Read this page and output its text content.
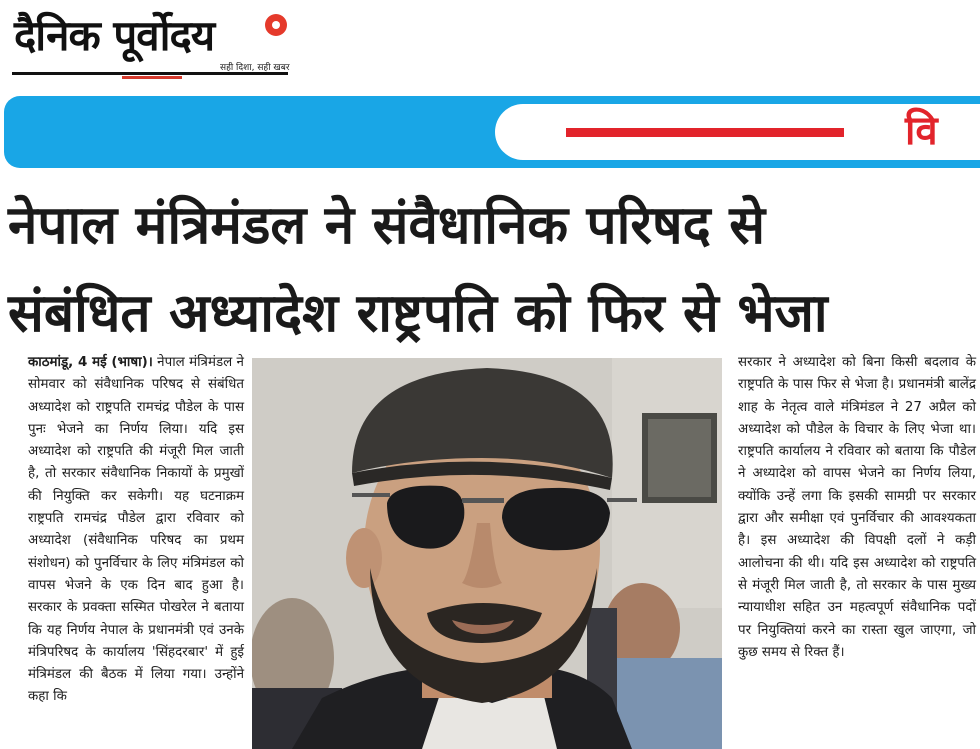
दैनिक पूर्वोदय
सही दिशा, सही खबर
वि
नेपाल मंत्रिमंडल ने संवैधानिक परिषद से
संबंधित अध्यादेश राष्ट्रपति को फिर से भेजा
काठमांडू, 4 मई (भाषा)। नेपाल मंत्रिमंडल ने सोमवार को संवैधानिक परिषद से संबंधित अध्यादेश को राष्ट्रपति रामचंद्र पौडेल के पास पुनः भेजने का निर्णय लिया। यदि इस अध्यादेश को राष्ट्रपति की मंजूरी मिल जाती है, तो सरकार संवैधानिक निकायों के प्रमुखों की नियुक्ति कर सकेगी। यह घटनाक्रम राष्ट्रपति रामचंद्र पौडेल द्वारा रविवार को अध्यादेश (संवैधानिक परिषद का प्रथम संशोधन) को पुनर्विचार के लिए मंत्रिमंडल को वापस भेजने के एक दिन बाद हुआ है। सरकार के प्रवक्ता सस्मित पोखरेल ने बताया कि यह निर्णय नेपाल के प्रधानमंत्री एवं उनके मंत्रिपरिषद के कार्यालय 'सिंहदरबार' में हुई मंत्रिमंडल की बैठक में लिया गया। उन्होंने कहा कि
सरकार ने अध्यादेश को बिना किसी बदलाव के राष्ट्रपति के पास फिर से भेजा है। प्रधानमंत्री बालेंद्र शाह के नेतृत्व वाले मंत्रिमंडल ने 27 अप्रैल को अध्यादेश को पौडेल के विचार के लिए भेजा था। राष्ट्रपति कार्यालय ने रविवार को बताया कि पौडेल ने अध्यादेश को वापस भेजने का निर्णय लिया, क्योंकि उन्हें लगा कि इसकी सामग्री पर सरकार द्वारा और समीक्षा एवं पुनर्विचार की आवश्यकता है। इस अध्यादेश की विपक्षी दलों ने कड़ी आलोचना की थी। यदि इस अध्यादेश को राष्ट्रपति से मंजूरी मिल जाती है, तो सरकार के पास मुख्य न्यायाधीश सहित उन महत्वपूर्ण संवैधानिक पदों पर नियुक्तियां करने का रास्ता खुल जाएगा, जो कुछ समय से रिक्त हैं।
